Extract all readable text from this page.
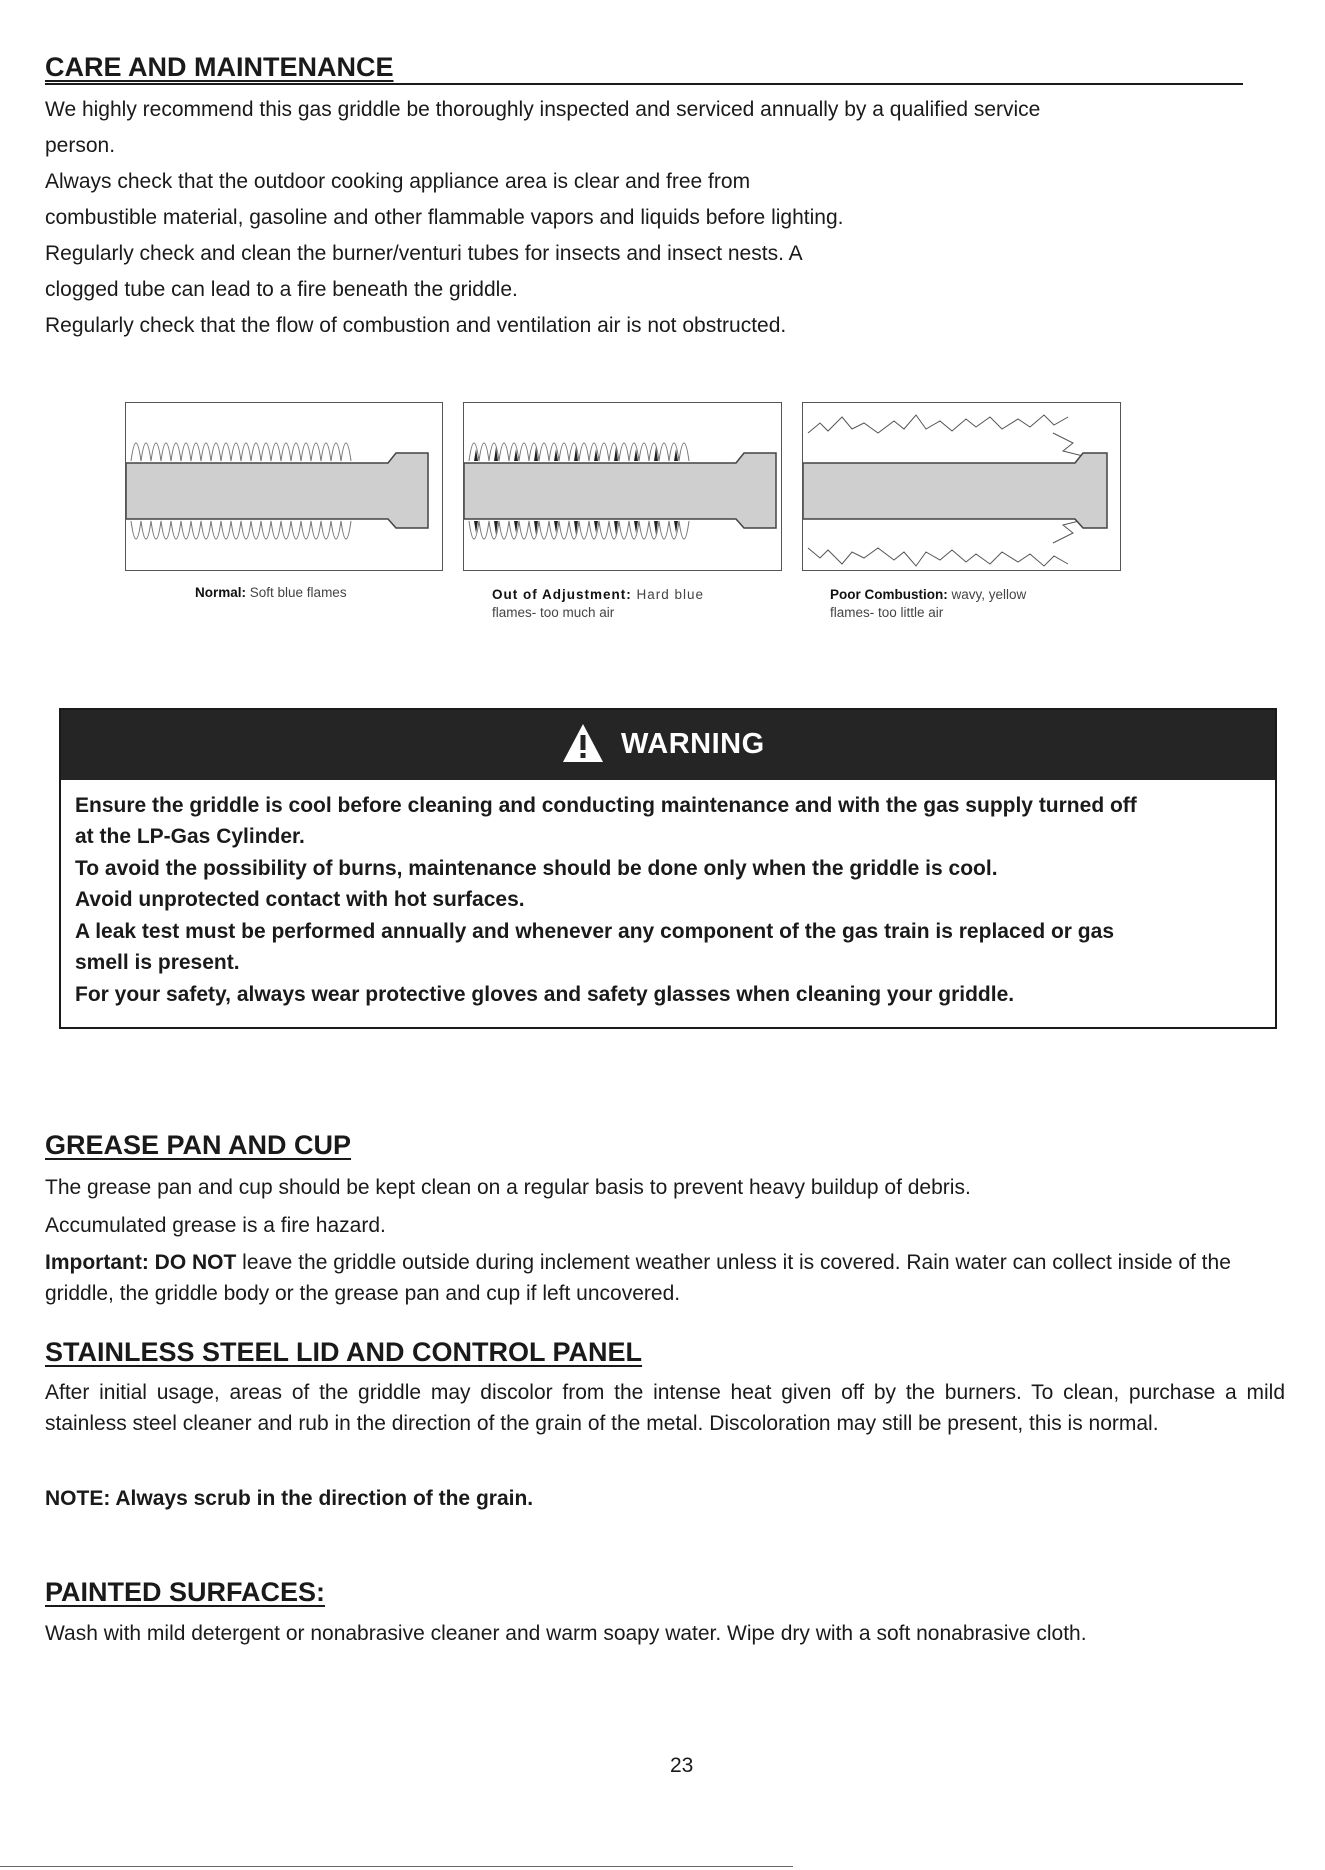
CARE AND MAINTENANCE
We highly recommend this gas griddle be thoroughly inspected and serviced annually by a qualified service
person.
Always check that the outdoor cooking appliance area is clear and free from
combustible material, gasoline and other flammable vapors and liquids before lighting.
Regularly check and clean the burner/venturi tubes for insects and insect nests. A
clogged tube can lead to a fire beneath the griddle.
Regularly check that the flow of combustion and ventilation air is not obstructed.
Normal: Soft blue flames	Out of Adjustment: Hard blue
flames- too much air
Poor Combustion: wavy, yellow
flames- too little air
WARNING
Ensure the griddle is cool before cleaning and conducting maintenance and with the gas supply turned off
at the LP-Gas Cylinder.
To avoid the possibility of burns, maintenance should be done only when the griddle is cool.
Avoid unprotected contact with hot surfaces.
A leak test must be performed annually and whenever any component of the gas train is replaced or gas
smell is present.
For your safety, always wear protective gloves and safety glasses when cleaning your griddle.
GREASE PAN AND CUP
The grease pan and cup should be kept clean on a regular basis to prevent heavy buildup of debris.
Accumulated grease is a fire hazard.
Important: DO NOT leave the griddle outside during inclement weather unless it is covered. Rain water can collect inside of the griddle, the griddle body or the grease pan and cup if left uncovered.
STAINLESS STEEL LID AND CONTROL PANEL
After initial usage, areas of the griddle may discolor from the intense heat given off by the burners. To clean, purchase a mild stainless steel cleaner and rub in the direction of the grain of the metal. Discoloration may still be present, this is normal.
NOTE: Always scrub in the direction of the grain.
PAINTED SURFACES:
Wash with mild detergent or nonabrasive cleaner and warm soapy water. Wipe dry with a soft nonabrasive cloth.
23
